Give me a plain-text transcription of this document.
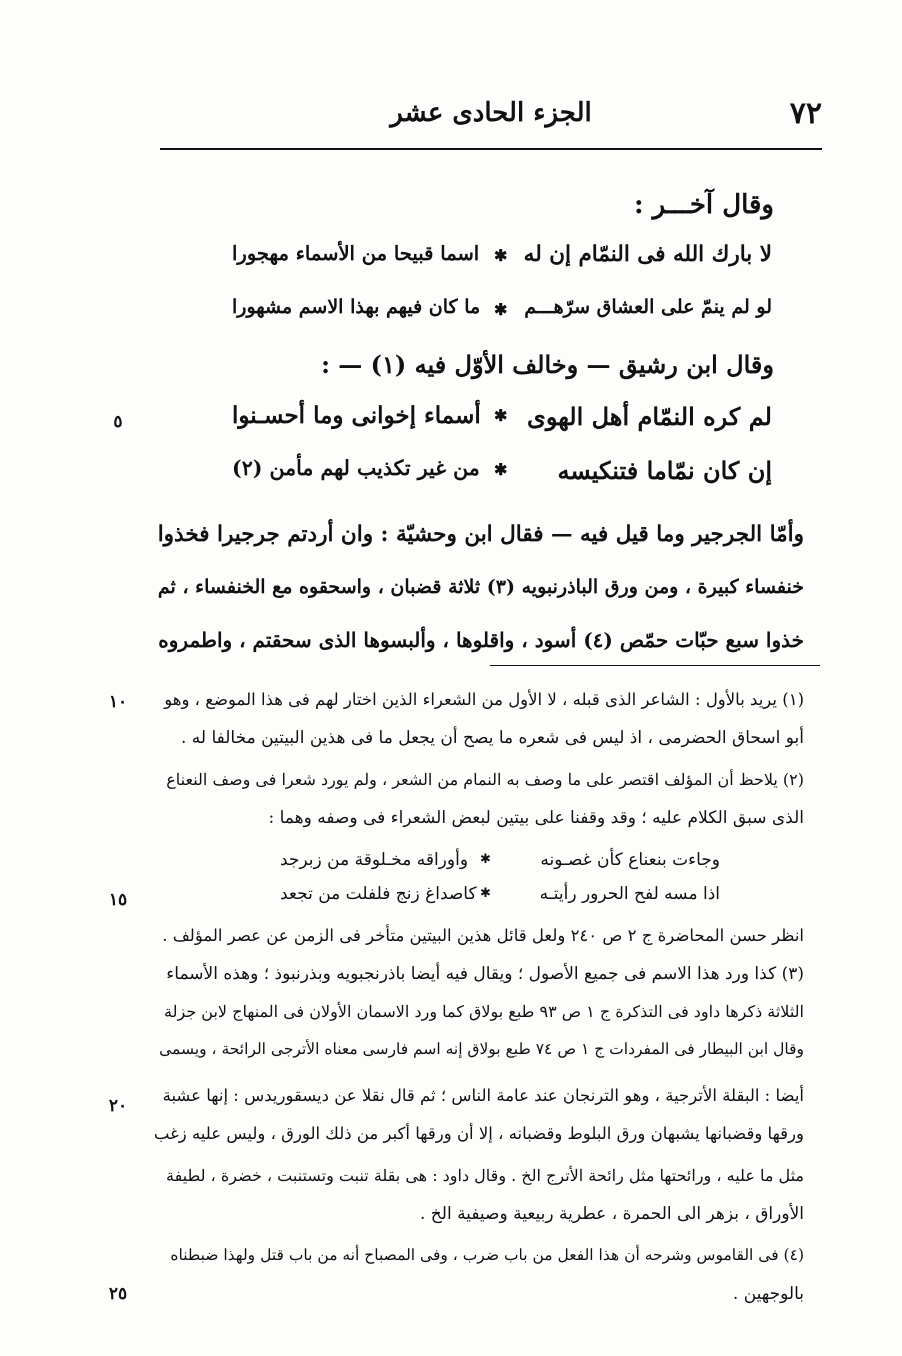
٧٢
الجزء الحادى عشر
٥
١٠
١٥
٢٠
٢٥
وقال آخـــر :
لا بارك الله فى النمّام إن له
✱
اسما قبيحا من الأسماء مهجورا
لو لم ينمّ على العشاق سرّهـــم
✱
ما كان فيهم بهذا الاسم مشهورا
وقال ابن رشيق — وخالف الأوّل فيه (١) — :
لم كره النمّام أهل الهوى
✱
أسماء إخوانى وما أحسـنوا
إن كان نمّاما فتنكيسه
✱
من غير تكذيب لهم مأمن (٢)
وأمّا الجرجير وما قيل فيه — فقال ابن وحشيّة : وان أردتم جرجيرا فخذوا
خنفساء كبيرة ، ومن ورق الباذرنبويه (٣) ثلاثة قضبان ، واسحقوه مع الخنفساء ، ثم
خذوا سبع حبّات حمّص (٤) أسود ، واقلوها ، وألبسوها الذى سحقتم ، واطمروه
(١) يريد بالأول : الشاعر الذى قبله ، لا الأول من الشعراء الذين اختار لهم فى هذا الموضع ، وهو
أبو اسحاق الحضرمى ، اذ ليس فى شعره ما يصح أن يجعل ما فى هذين البيتين مخالفا له .
(٢) يلاحظ أن المؤلف اقتصر على ما وصف به النمام من الشعر ، ولم يورد شعرا فى وصف النعناع
الذى سبق الكلام عليه ؛ وقد وقفنا على بيتين لبعض الشعراء فى وصفه وهما :
وجاءت بنعناع كأن غصـونه
✱
وأوراقه مخـلوقة من زبرجد
اذا مسه لفح الحرور رأيتـه
✱
كاصداغ زنج فلفلت من تجعد
انظر حسن المحاضرة ج ٢ ص ٢٤٠ ولعل قائل هذين البيتين متأخر فى الزمن عن عصر المؤلف .
(٣) كذا ورد هذا الاسم فى جميع الأصول ؛ ويقال فيه أيضا باذرنجبويه وبذرنبوذ ؛ وهذه الأسماء
الثلاثة ذكرها داود فى التذكرة ج ١ ص ٩٣ طبع بولاق كما ورد الاسمان الأولان فى المنهاج لابن جزلة
وقال ابن البيطار فى المفردات ج ١ ص ٧٤ طبع بولاق إنه اسم فارسى معناه الأترجى الرائحة ، ويسمى
أيضا : البقلة الأترجية ، وهو الترنجان عند عامة الناس ؛ ثم قال نقلا عن ديسقوريدس : إنها عشبة
ورقها وقضبانها يشبهان ورق البلوط وقضبانه ، إلا أن ورقها أكبر من ذلك الورق ، وليس عليه زغب
مثل ما عليه ، ورائحتها مثل رائحة الأترج الخ . وقال داود : هى بقلة تنبت وتستنبت ، خضرة ، لطيفة
الأوراق ، بزهر الى الحمرة ، عطرية ربيعية وصيفية الخ .
(٤) فى القاموس وشرحه أن هذا الفعل من باب ضرب ، وفى المصباح أنه من باب قتل ولهذا ضبطناه
بالوجهين .
